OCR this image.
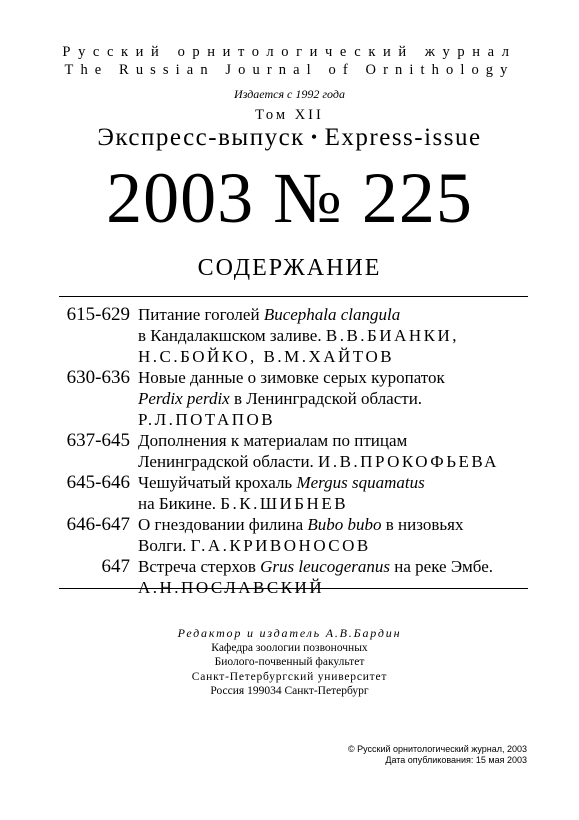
Русский орнитологический журнал
The Russian Journal of Ornithology
Издается с 1992 года
Том XII
Экспресс-выпуск • Express-issue
2003 № 225
СОДЕРЖАНИЕ
615-629 Питание гоголей Bucephala clangula
в Кандалакшском заливе. В.В.БИАНКИ,
Н.С.БОЙКО, В.М.ХАЙТОВ
630-636 Новые данные о зимовке серых куропаток
Perdix perdix в Ленинградской области.
Р.Л.ПОТАПОВ
637-645 Дополнения к материалам по птицам
Ленинградской области. И.В.ПРОКОФЬЕВА
645-646 Чешуйчатый крохаль Mergus squamatus
на Бикине. Б.К.ШИБНЕВ
646-647 О гнездовании филина Bubo bubo в низовьях
Волги. Г.А.КРИВОНОСОВ
647 Встреча стерхов Grus leucogeranus на реке Эмбе.
А.Н.ПОСЛАВСКИЙ
Редактор и издатель А.В.Бардин
Кафедра зоологии позвоночных
Биолого-почвенный факультет
Санкт-Петербургский университет
Россия 199034 Санкт-Петербург
© Русский орнитологический журнал, 2003
Дата опубликования: 15 мая 2003
